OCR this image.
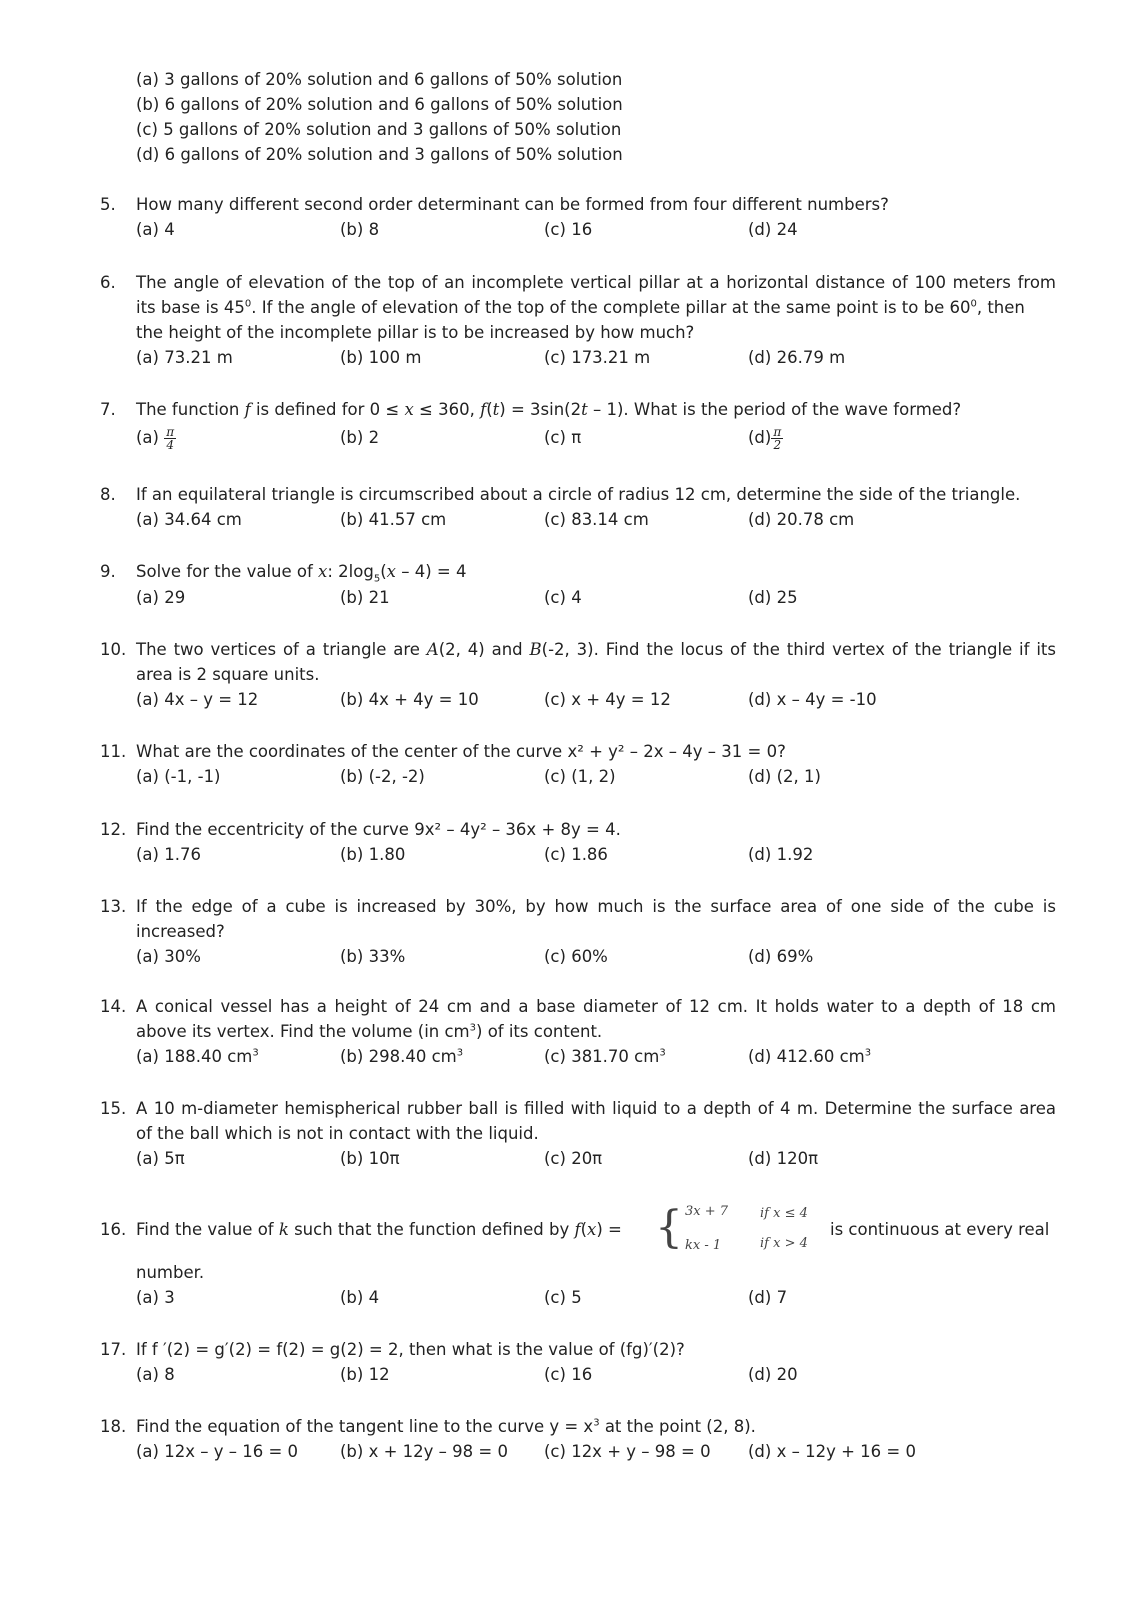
(a) 3 gallons of 20% solution and 6 gallons of 50% solution
(b) 6 gallons of 20% solution and 6 gallons of 50% solution
(c) 5 gallons of 20% solution and 3 gallons of 50% solution
(d) 6 gallons of 20% solution and 3 gallons of 50% solution
5. How many different second order determinant can be formed from four different numbers?
(a) 4	(b) 8	(c) 16	(d) 24
6. The angle of elevation of the top of an incomplete vertical pillar at a horizontal distance of 100 meters from
its base is $45^0$. If the angle of elevation of the top of the complete pillar at the same point is to be $60^0$, then
the height of the incomplete pillar is to be increased by how much?
(a) 73.21 m	(b) 100 m	(c) 173.21 m	(d) 26.79 m
7. The function f is defined for 0 ≤ x ≤ 360, f(t) = 3sin(2t – 1). What is the period of the wave formed?
$(a) \frac{\pi}{4}$	(b) 2	(c) π	$(d) \frac{\pi}{2}$
8. If an equilateral triangle is circumscribed about a circle of radius 12 cm, determine the side of the triangle.
(a) 34.64 cm	(b) 41.57 cm	(c) 83.14 cm	(d) 20.78 cm
9. Solve for the value of x: $2\log_5(x - 4) = 4$
(a) 29	(b) 21	(c) 4	(d) 25
10. The two vertices of a triangle are A(2, 4) and B(-2, 3). Find the locus of the third vertex of the triangle if its
area is 2 square units.
(a) 4x – y = 12	(b) 4x + 4y = 10	(c) x + 4y = 12	(d) x – 4y = -10
11. What are the coordinates of the center of the curve x² + y² – 2x – 4y – 31 = 0?
(a) (-1, -1)	(b) (-2, -2)	(c) (1, 2)	(d) (2, 1)
12. Find the eccentricity of the curve 9x² – 4y² – 36x + 8y = 4.
(a) 1.76	(b) 1.80	(c) 1.86	(d) 1.92
13. If the edge of a cube is increased by 30%, by how much is the surface area of one side of the cube is
increased?
(a) 30%	(b) 33%	(c) 60%	(d) 69%
14. A conical vessel has a height of 24 cm and a base diameter of 12 cm. It holds water to a depth of 18 cm
above its vertex. Find the volume (in $cm^3$) of its content.
(a) 188.40 $cm^3$	(b) 298.40 $cm^3$	(c) 381.70 $cm^3$	(d) 412.60 $cm^3$
15. A 10 m-diameter hemispherical rubber ball is filled with liquid to a depth of 4 m. Determine the surface area
of the ball which is not in contact with the liquid.
(a) 5π	(b) 10π	(c) 20π	(d) 120π
16. Find the value of k such that the function defined by f(x) =	is continuous at every real
{ 3x + 7 if x ≤ 4
kx - 1	if x > 4
number.
(a) 3	(b) 4	(c) 5	(d) 7
17. If f ′(2) = g′(2) = f(2) = g(2) = 2, then what is the value of (fg)′(2)?
(a) 8	(b) 12	(c) 16	(d) 20
18. Find the equation of the tangent line to the curve $y = x^3$ at the point (2, 8).
(a) 12x – y – 16 = 0	(b) x + 12y – 98 = 0 (c) 12x + y – 98 = 0 (d) x – 12y + 16 = 0
